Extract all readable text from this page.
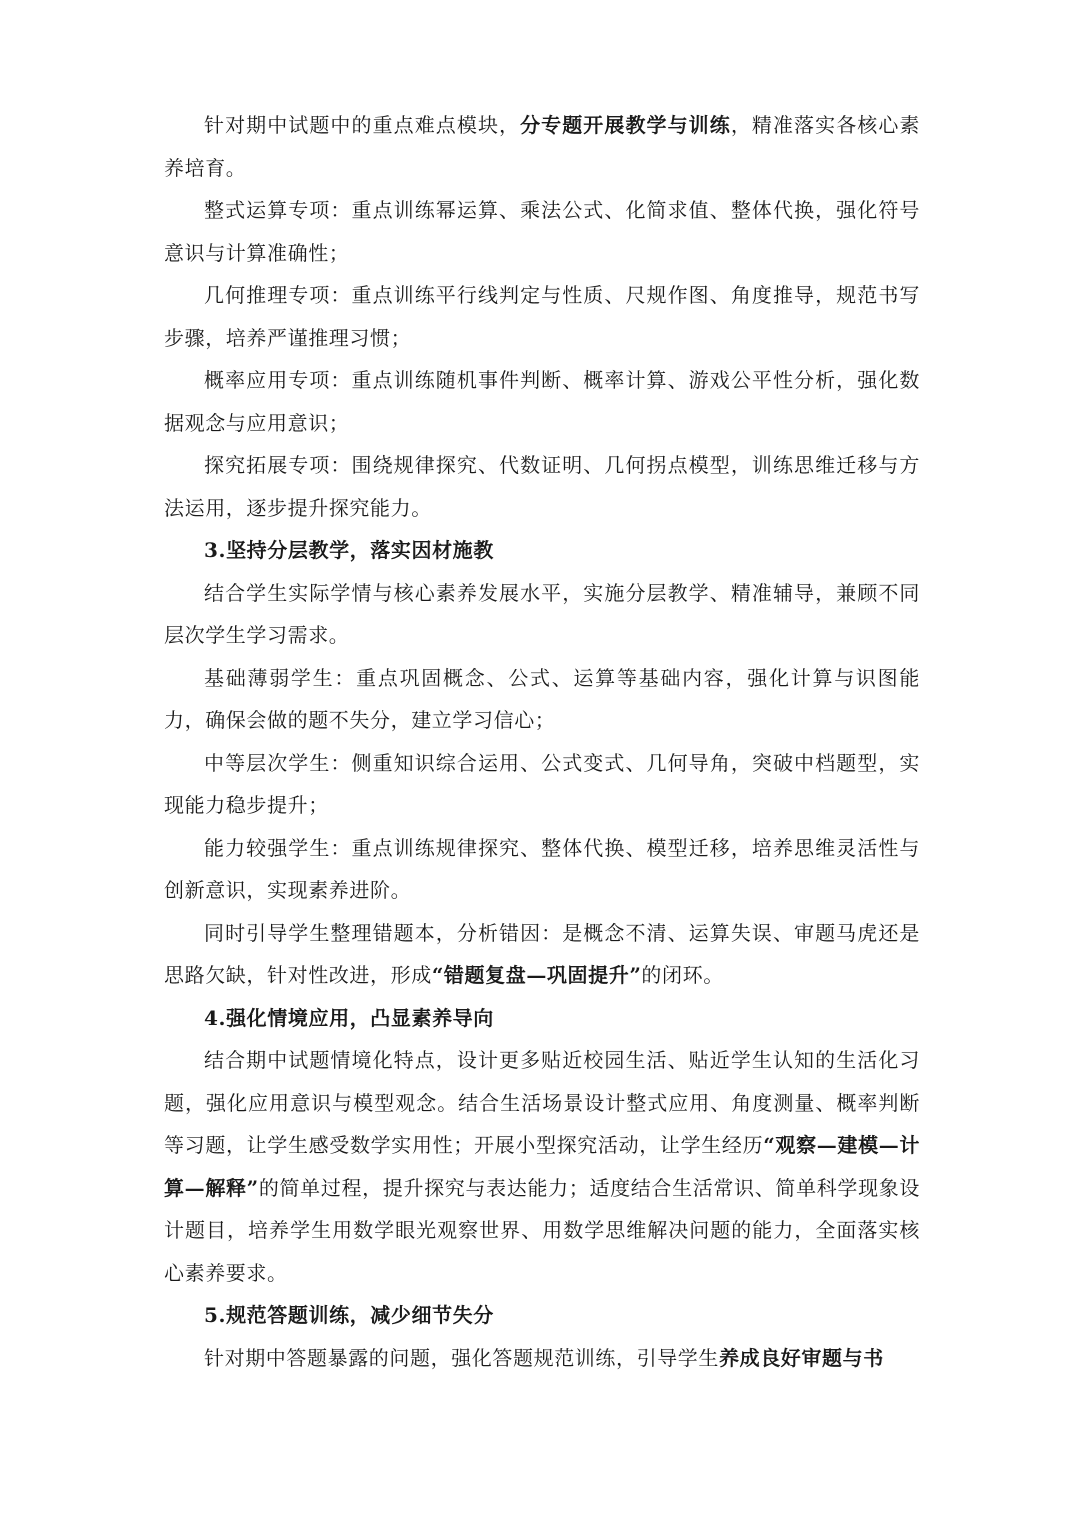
针对期中试题中的重点难点模块，分专题开展教学与训练，精准落实各核心素养培育。

整式运算专项：重点训练幂运算、乘法公式、化简求值、整体代换，强化符号意识与计算准确性；

几何推理专项：重点训练平行线判定与性质、尺规作图、角度推导，规范书写步骤，培养严谨推理习惯；

概率应用专项：重点训练随机事件判断、概率计算、游戏公平性分析，强化数据观念与应用意识；

探究拓展专项：围绕规律探究、代数证明、几何拐点模型，训练思维迁移与方法运用，逐步提升探究能力。

3.坚持分层教学，落实因材施教

结合学生实际学情与核心素养发展水平，实施分层教学、精准辅导，兼顾不同层次学生学习需求。

基础薄弱学生：重点巩固概念、公式、运算等基础内容，强化计算与识图能力，确保会做的题不失分，建立学习信心；

中等层次学生：侧重知识综合运用、公式变式、几何导角，突破中档题型，实现能力稳步提升；

能力较强学生：重点训练规律探究、整体代换、模型迁移，培养思维灵活性与创新意识，实现素养进阶。

同时引导学生整理错题本，分析错因：是概念不清、运算失误、审题马虎还是思路欠缺，针对性改进，形成“错题复盘—巩固提升”的闭环。

4.强化情境应用，凸显素养导向

结合期中试题情境化特点，设计更多贴近校园生活、贴近学生认知的生活化习题，强化应用意识与模型观念。结合生活场景设计整式应用、角度测量、概率判断等习题，让学生感受数学实用性；开展小型探究活动，让学生经历“观察—建模—计算—解释”的简单过程，提升探究与表达能力；适度结合生活常识、简单科学现象设计题目，培养学生用数学眼光观察世界、用数学思维解决问题的能力，全面落实核心素养要求。

5.规范答题训练，减少细节失分

针对期中答题暴露的问题，强化答题规范训练，引导学生养成良好审题与书
